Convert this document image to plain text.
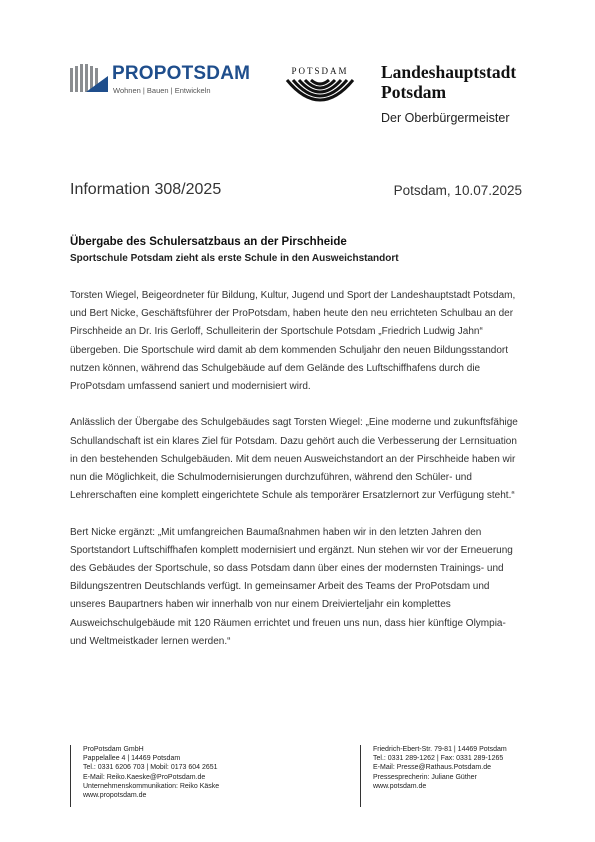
PROPOTSDAM
Wohnen | Bauen | Entwickeln
POTSDAM	Landeshauptstadt
Potsdam
Der Oberbürgermeister
Information 308/2025	Potsdam, 10.07.2025
Übergabe des Schulersatzbaus an der Pirschheide
Sportschule Potsdam zieht als erste Schule in den Ausweichstandort

Torsten Wiegel, Beigeordneter für Bildung, Kultur, Jugend und Sport der Landeshauptstadt Potsdam, und Bert Nicke, Geschäftsführer der ProPotsdam, haben heute den neu errichteten Schulbau an der Pirschheide an Dr. Iris Gerloff, Schulleiterin der Sportschule Potsdam „Friedrich Ludwig Jahn“ übergeben. Die Sportschule wird damit ab dem kommenden Schuljahr den neuen Bildungsstandort nutzen können, während das Schulgebäude auf dem Gelände des Luftschiffhafens durch die ProPotsdam umfassend saniert und modernisiert wird.

Anlässlich der Übergabe des Schulgebäudes sagt Torsten Wiegel: „Eine moderne und zukunftsfähige Schullandschaft ist ein klares Ziel für Potsdam. Dazu gehört auch die Verbesserung der Lernsituation in den bestehenden Schulgebäuden. Mit dem neuen Ausweichstandort an der Pirschheide haben wir nun die Möglichkeit, die Schulmodernisierungen durchzuführen, während den Schüler- und Lehrerschaften eine komplett eingerichtete Schule als temporärer Ersatzlernort zur Verfügung steht.“

Bert Nicke ergänzt: „Mit umfangreichen Baumaßnahmen haben wir in den letzten Jahren den Sportstandort Luftschiffhafen komplett modernisiert und ergänzt. Nun stehen wir vor der Erneuerung des Gebäudes der Sportschule, so dass Potsdam dann über eines der modernsten Trainings- und Bildungszentren Deutschlands verfügt. In gemeinsamer Arbeit des Teams der ProPotsdam und unseres Baupartners haben wir innerhalb von nur einem Dreivierteljahr ein komplettes Ausweichschulgebäude mit 120 Räumen errichtet und freuen uns nun, dass hier künftige Olympia- und Weltmeistkader lernen werden.“

ProPotsdam GmbH
Pappelallee 4 | 14469 Potsdam
Tel.: 0331 6206 703 | Mobil: 0173 604 2651
E-Mail: Reiko.Kaeske@ProPotsdam.de
Unternehmenskommunikation: Reiko Käske
www.propotsdam.de
Friedrich-Ebert-Str. 79-81 | 14469 Potsdam
Tel.: 0331 289-1262 | Fax: 0331 289-1265
E-Mail: Presse@Rathaus.Potsdam.de
Pressesprecherin: Juliane Güther
www.potsdam.de
